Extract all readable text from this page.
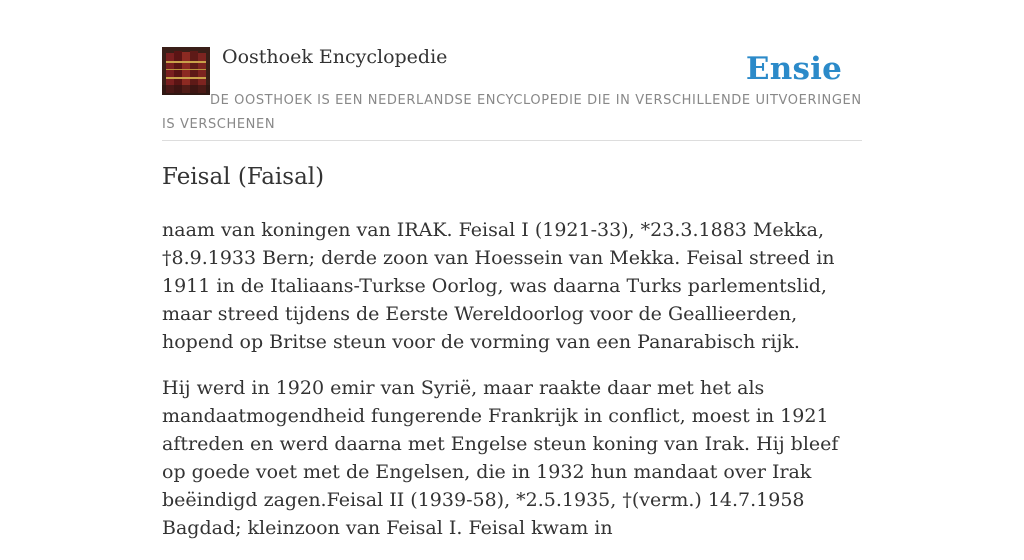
Oosthoek Encyclopedie	Ensie
DE OOSTHOEK IS EEN NEDERLANDSE ENCYCLOPEDIE DIE IN VERSCHILLENDE UITVOERINGEN IS VERSCHENEN
Feisal (Faisal)

naam van koningen van IRAK. Feisal I (1921-33), *23.3.1883 Mekka, †8.9.1933 Bern; derde zoon van Hoessein van Mekka. Feisal streed in 1911 in de Italiaans-Turkse Oorlog, was daarna Turks parlementslid, maar streed tijdens de Eerste Wereldoorlog voor de Geallieerden, hopend op Britse steun voor de vorming van een Panarabisch rijk.

Hij werd in 1920 emir van Syrië, maar raakte daar met het als mandaatmogendheid fungerende Frankrijk in conflict, moest in 1921 aftreden en werd daarna met Engelse steun koning van Irak. Hij bleef op goede voet met de Engelsen, die in 1932 hun mandaat over Irak beëindigd zagen.Feisal II (1939-58), *2.5.1935, †(verm.) 14.7.1958 Bagdad; kleinzoon van Feisal I. Feisal kwam in
